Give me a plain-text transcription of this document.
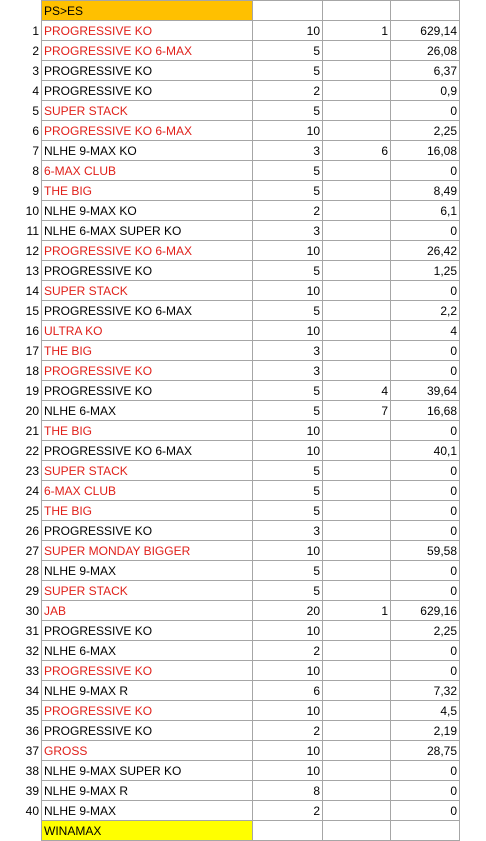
	PS>ES			
1	PROGRESSIVE KO	10	1	629,14
2	PROGRESSIVE KO 6-MAX	5		26,08
3	PROGRESSIVE KO	5		6,37
4	PROGRESSIVE KO	2		0,9
5	SUPER STACK	5		0
6	PROGRESSIVE KO 6-MAX	10		2,25
7	NLHE 9-MAX KO	3	6	16,08
8	6-MAX CLUB	5		0
9	THE BIG	5		8,49
10	NLHE 9-MAX KO	2		6,1
11	NLHE 6-MAX SUPER KO	3		0
12	PROGRESSIVE KO 6-MAX	10		26,42
13	PROGRESSIVE KO	5		1,25
14	SUPER STACK	10		0
15	PROGRESSIVE KO 6-MAX	5		2,2
16	ULTRA KO	10		4
17	THE BIG	3		0
18	PROGRESSIVE KO	3		0
19	PROGRESSIVE KO	5	4	39,64
20	NLHE 6-MAX	5	7	16,68
21	THE BIG	10		0
22	PROGRESSIVE KO 6-MAX	10		40,1
23	SUPER STACK	5		0
24	6-MAX CLUB	5		0
25	THE BIG	5		0
26	PROGRESSIVE KO	3		0
27	SUPER MONDAY BIGGER	10		59,58
28	NLHE 9-MAX	5		0
29	SUPER STACK	5		0
30	JAB	20	1	629,16
31	PROGRESSIVE KO	10		2,25
32	NLHE 6-MAX	2		0
33	PROGRESSIVE KO	10		0
34	NLHE 9-MAX R	6		7,32
35	PROGRESSIVE KO	10		4,5
36	PROGRESSIVE KO	2		2,19
37	GROSS	10		28,75
38	NLHE 9-MAX SUPER KO	10		0
39	NLHE 9-MAX R	8		0
40	NLHE 9-MAX	2		0
	WINAMAX			
